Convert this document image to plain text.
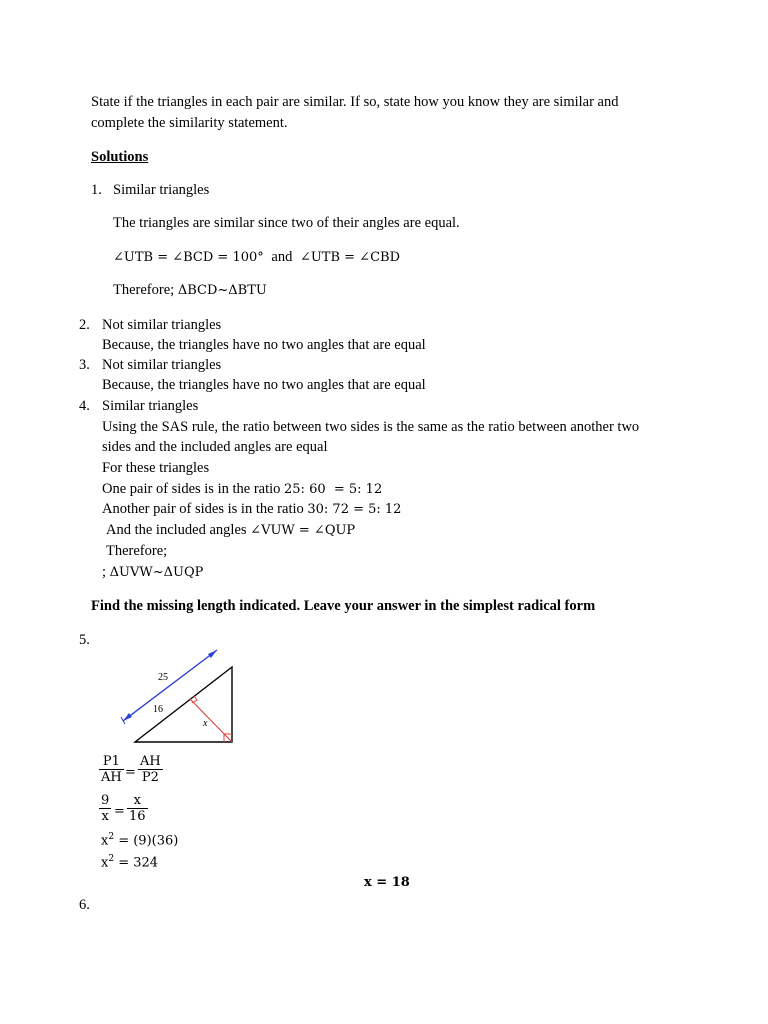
State if the triangles in each pair are similar. If so, state how you know they are similar and
complete the similarity statement.
Solutions
1. Similar triangles
The triangles are similar since two of their angles are equal.
∠UTB = ∠BCD = 100° and ∠UTB = ∠CBD
Therefore; ΔBCD~ΔBTU
2. Not similar triangles
Because, the triangles have no two angles that are equal
3. Not similar triangles
Because, the triangles have no two angles that are equal
4. Similar triangles
Using the SAS rule, the ratio between two sides is the same as the ratio between another two
sides and the included angles are equal
For these triangles
One pair of sides is in the ratio 25: 60  = 5: 12
Another pair of sides is in the ratio 30: 72 = 5: 12
And the included angles ∠VUW = ∠QUP
Therefore;
; ΔUVW~ΔUQP
Find the missing length indicated. Leave your answer in the simplest radical form
5.
25
16
x
$\frac{P1}{AH} = \frac{AH}{P2}$
$\frac{9}{x} = \frac{x}{16}$
$x^2 = (9)(36)$
$x^2 = 324$
x = 18
6.
